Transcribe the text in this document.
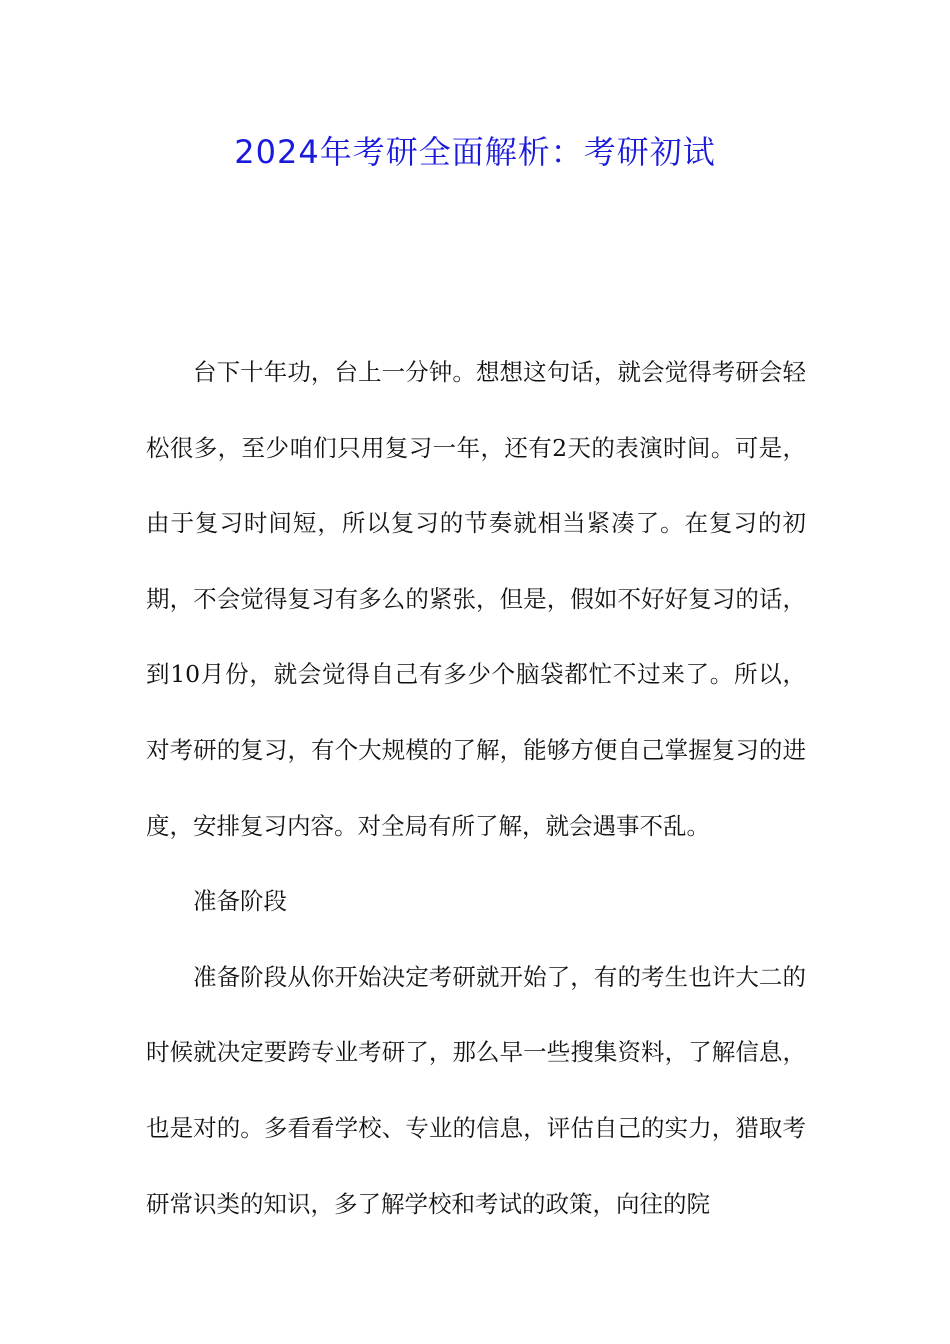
2024年考研全面解析：考研初试

台下十年功，台上一分钟。想想这句话，就会觉得考研会轻松很多，至少咱们只用复习一年，还有2天的表演时间。可是，由于复习时间短，所以复习的节奏就相当紧凑了。在复习的初期，不会觉得复习有多么的紧张，但是，假如不好好复习的话，到10月份，就会觉得自己有多少个脑袋都忙不过来了。所以，对考研的复习，有个大规模的了解，能够方便自己掌握复习的进度，安排复习内容。对全局有所了解，就会遇事不乱。

准备阶段

准备阶段从你开始决定考研就开始了，有的考生也许大二的时候就决定要跨专业考研了，那么早一些搜集资料，了解信息，也是对的。多看看学校、专业的信息，评估自己的实力，猎取考研常识类的知识，多了解学校和考试的政策，向往的院
